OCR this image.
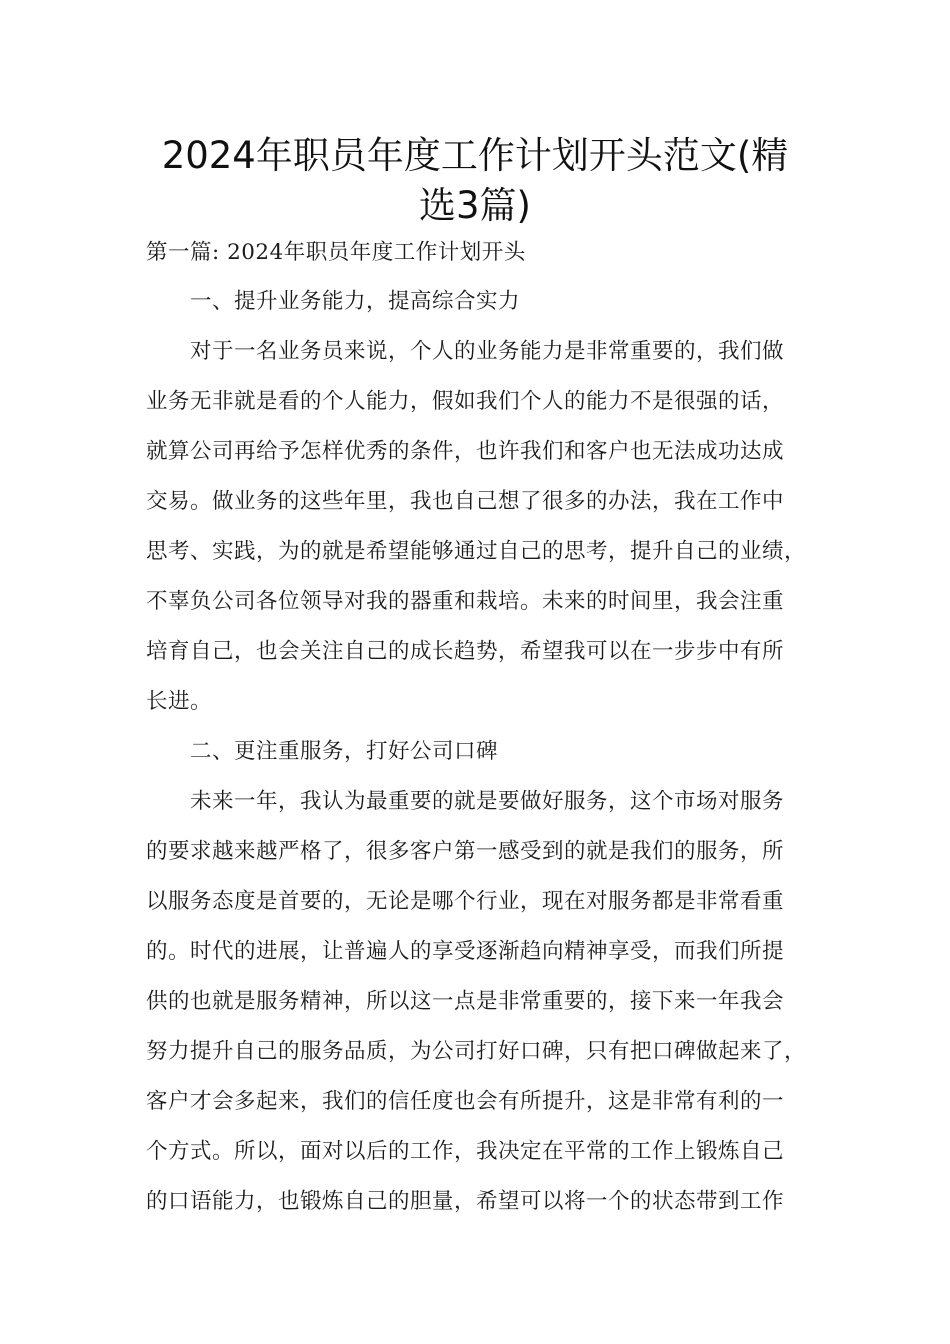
2024年职员年度工作计划开头范文(精
选3篇)
第一篇: 2024年职员年度工作计划开头
一、提升业务能力，提高综合实力
对于一名业务员来说，个人的业务能力是非常重要的，我们做
业务无非就是看的个人能力，假如我们个人的能力不是很强的话，
就算公司再给予怎样优秀的条件，也许我们和客户也无法成功达成
交易。做业务的这些年里，我也自己想了很多的办法，我在工作中
思考、实践，为的就是希望能够通过自己的思考，提升自己的业绩，
不辜负公司各位领导对我的器重和栽培。未来的时间里，我会注重
培育自己，也会关注自己的成长趋势，希望我可以在一步步中有所
长进。
二、更注重服务，打好公司口碑
未来一年，我认为最重要的就是要做好服务，这个市场对服务
的要求越来越严格了，很多客户第一感受到的就是我们的服务，所
以服务态度是首要的，无论是哪个行业，现在对服务都是非常看重
的。时代的进展，让普遍人的享受逐渐趋向精神享受，而我们所提
供的也就是服务精神，所以这一点是非常重要的，接下来一年我会
努力提升自己的服务品质，为公司打好口碑，只有把口碑做起来了，
客户才会多起来，我们的信任度也会有所提升，这是非常有利的一
个方式。所以，面对以后的工作，我决定在平常的工作上锻炼自己
的口语能力，也锻炼自己的胆量，希望可以将一个的状态带到工作
